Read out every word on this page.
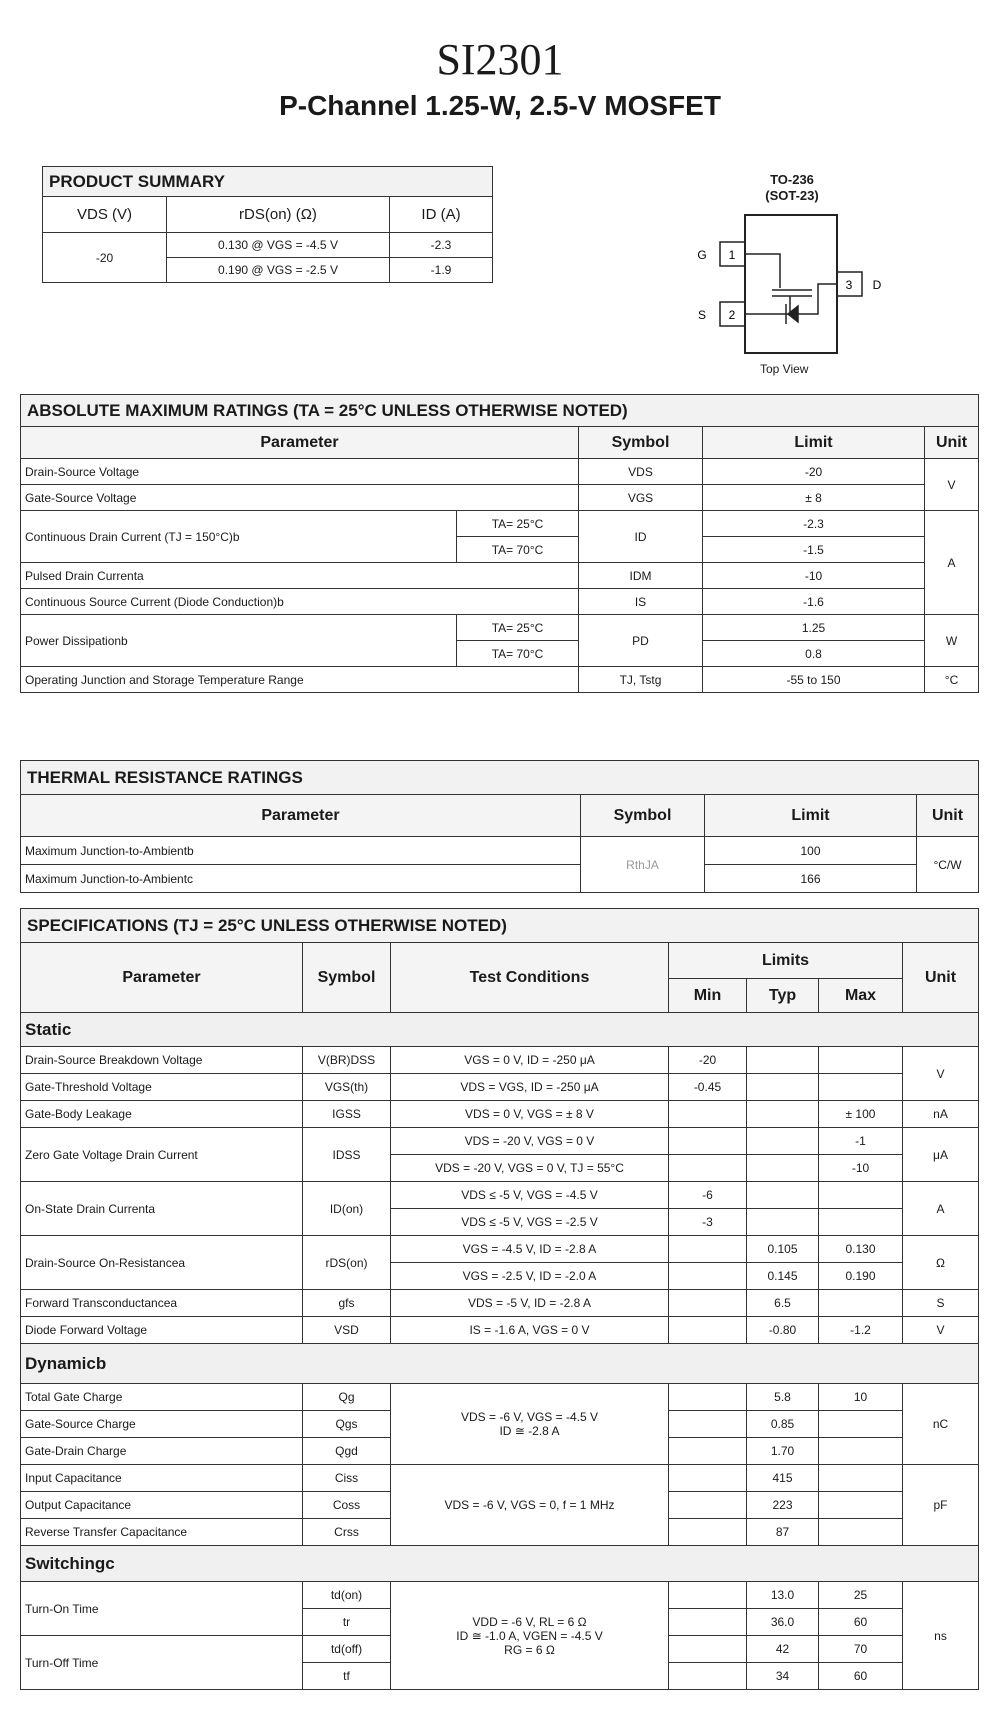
SI2301
P-Channel 1.25-W, 2.5-V MOSFET
PRODUCT SUMMARY		
VDS (V)	rDS(on) (Ω)	ID (A)
-20	0.130 @ VGS = -4.5 V	-2.3
	0.190 @ VGS = -2.5 V	-1.9
TO-236
(SOT-23)
1
2
3
G
S
D
Top View
ABSOLUTE MAXIMUM RATINGS (TA = 25°C UNLESS OTHERWISE NOTED)				
Parameter		Symbol	Limit	Unit
Drain-Source Voltage		VDS	-20	V
Gate-Source Voltage		VGS	± 8	
Continuous Drain Current (TJ = 150°C)b	TA= 25°C	ID	-2.3	A
	TA= 70°C		-1.5	
Pulsed Drain Currenta		IDM	-10	
Continuous Source Current (Diode Conduction)b		IS	-1.6	
Power Dissipationb	TA= 25°C	PD	1.25	W
	TA= 70°C		0.8	
Operating Junction and Storage Temperature Range		TJ, Tstg	-55 to 150	°C
THERMAL RESISTANCE RATINGS			
Parameter	Symbol	Limit	Unit
Maximum Junction-to-Ambientb	RthJA	100	°C/W
Maximum Junction-to-Ambientc		166	
SPECIFICATIONS (TJ = 25°C UNLESS OTHERWISE NOTED)						
Parameter	Symbol	Test Conditions	Limits			Unit
			Min	Typ	Max	
Static						
Drain-Source Breakdown Voltage	V(BR)DSS	VGS = 0 V, ID = -250 μA	-20			V
Gate-Threshold Voltage	VGS(th)	VDS = VGS, ID = -250 μA	-0.45			
Gate-Body Leakage	IGSS	VDS = 0 V, VGS = ± 8 V			± 100	nA
Zero Gate Voltage Drain Current	IDSS	VDS = -20 V, VGS = 0 V			-1	μA
		VDS = -20 V, VGS = 0 V, TJ = 55°C			-10	
On-State Drain Currenta	ID(on)	VDS ≤ -5 V, VGS = -4.5 V	-6			A
		VDS ≤ -5 V, VGS = -2.5 V	-3			
Drain-Source On-Resistancea	rDS(on)	VGS = -4.5 V, ID = -2.8 A		0.105	0.130	Ω
		VGS = -2.5 V, ID = -2.0 A		0.145	0.190	
Forward Transconductancea	gfs	VDS = -5 V, ID = -2.8 A		6.5		S
Diode Forward Voltage	VSD	IS = -1.6 A, VGS = 0 V		-0.80	-1.2	V
Dynamicb						
Total Gate Charge	Qg	VDS = -6 V, VGS = -4.5 V
ID ≅ -2.8 A		5.8	10	nC
Gate-Source Charge	Qgs			0.85		
Gate-Drain Charge	Qgd			1.70		
Input Capacitance	Ciss	VDS = -6 V, VGS = 0, f = 1 MHz		415		pF
Output Capacitance	Coss			223		
Reverse Transfer Capacitance	Crss			87		
Switchingc						
Turn-On Time	td(on)	VDD = -6 V, RL = 6 Ω
ID ≅ -1.0 A, VGEN = -4.5 V
RG = 6 Ω		13.0	25	ns
	tr			36.0	60	
Turn-Off Time	td(off)			42	70	
	tf			34	60	
